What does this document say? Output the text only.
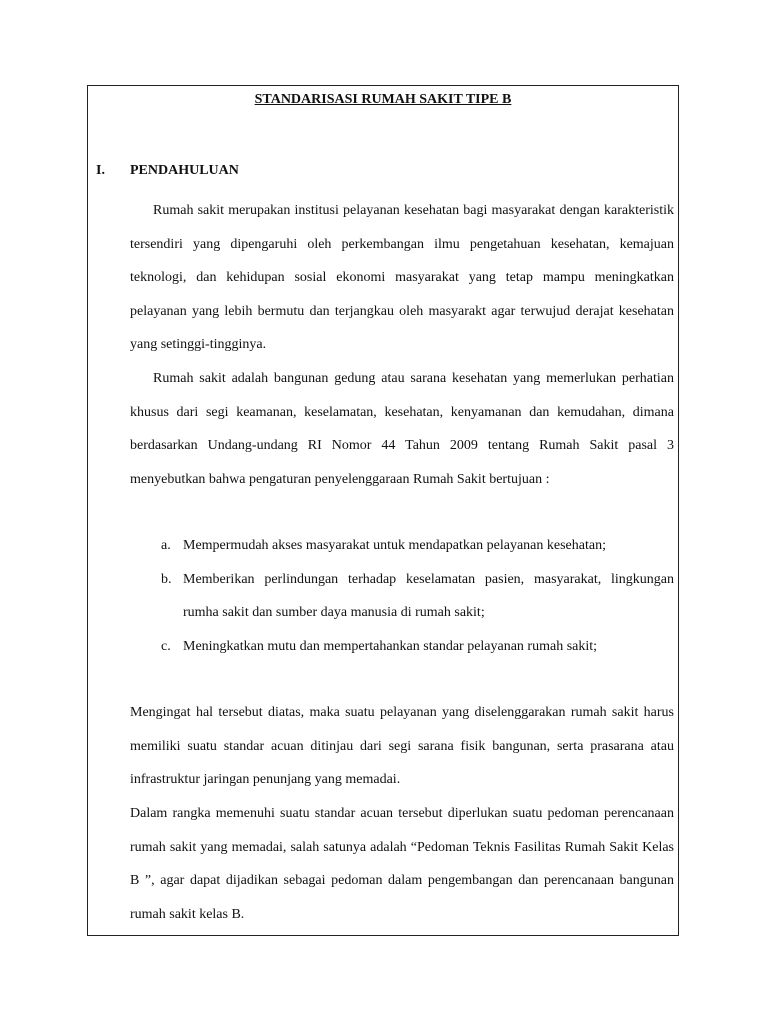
STANDARISASI RUMAH SAKIT TIPE B
I. PENDAHULUAN

Rumah sakit merupakan institusi pelayanan kesehatan bagi masyarakat dengan karakteristik tersendiri yang dipengaruhi oleh perkembangan ilmu pengetahuan kesehatan, kemajuan teknologi, dan kehidupan sosial ekonomi masyarakat yang tetap mampu meningkatkan pelayanan yang lebih bermutu dan terjangkau oleh masyarakt agar terwujud derajat kesehatan yang setinggi-tingginya.

Rumah sakit adalah bangunan gedung atau sarana kesehatan yang memerlukan perhatian khusus dari segi keamanan, keselamatan, kesehatan, kenyamanan dan kemudahan, dimana berdasarkan Undang-undang RI Nomor 44 Tahun 2009 tentang Rumah Sakit pasal 3 menyebutkan bahwa pengaturan penyelenggaraan Rumah Sakit bertujuan :

a. Mempermudah akses masyarakat untuk mendapatkan pelayanan kesehatan;
b. Memberikan perlindungan terhadap keselamatan pasien, masyarakat, lingkungan rumha sakit dan sumber daya manusia di rumah sakit;
c. Meningkatkan mutu dan mempertahankan standar pelayanan rumah sakit;

Mengingat hal tersebut diatas, maka suatu pelayanan yang diselenggarakan rumah sakit harus memiliki suatu standar acuan ditinjau dari segi sarana fisik bangunan, serta prasarana atau infrastruktur jaringan penunjang yang memadai.

Dalam rangka memenuhi suatu standar acuan tersebut diperlukan suatu pedoman perencanaan rumah sakit yang memadai, salah satunya adalah “Pedoman Teknis Fasilitas Rumah Sakit Kelas B ”, agar dapat dijadikan sebagai pedoman dalam pengembangan dan perencanaan bangunan rumah sakit kelas B.
